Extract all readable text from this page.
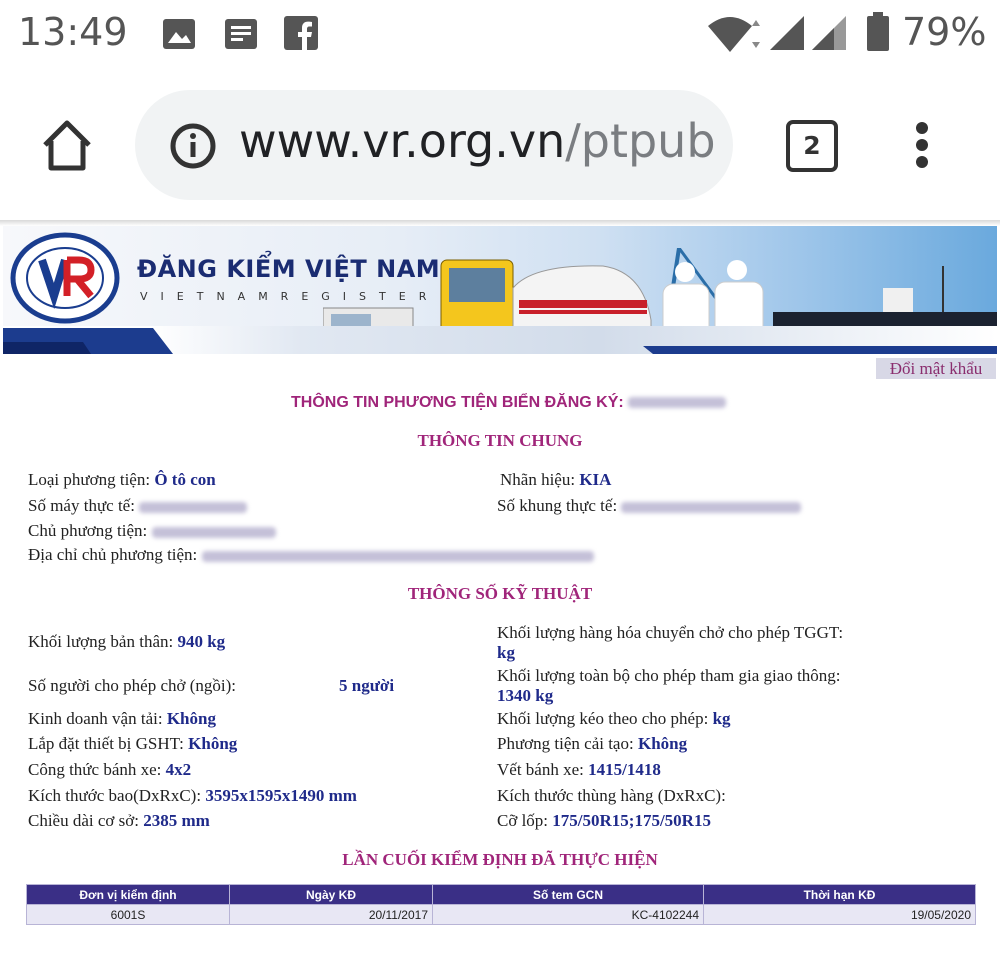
13:49	79%
www.vr.org.vn/ptpub	2
ĐĂNG KIỂM VIỆT NAM
VIETNAMREGISTER
Đổi mật khẩu
THÔNG TIN PHƯƠNG TIỆN BIỂN ĐĂNG KÝ:
THÔNG TIN CHUNG
Loại phương tiện: Ô tô con	Nhãn hiệu: KIA
Số máy thực tế:	Số khung thực tế:
Chủ phương tiện:
Địa chỉ chủ phương tiện:
THÔNG SỐ KỸ THUẬT
Khối lượng bản thân: 940 kg	Khối lượng hàng hóa chuyển chở cho phép TGGT:
kg
Số người cho phép chở (ngồi):	5 người
Khối lượng toàn bộ cho phép tham gia giao thông:
1340 kg
Kinh doanh vận tải: Không	Khối lượng kéo theo cho phép: kg
Lắp đặt thiết bị GSHT: Không	Phương tiện cải tạo: Không
Công thức bánh xe: 4x2	Vết bánh xe: 1415/1418
Kích thước bao(DxRxC): 3595x1595x1490 mm	Kích thước thùng hàng (DxRxC):
Chiều dài cơ sở: 2385 mm	Cỡ lốp: 175/50R15;175/50R15
LẦN CUỐI KIỂM ĐỊNH ĐÃ THỰC HIỆN
Đơn vị kiểm định	Ngày KĐ	Số tem GCN	Thời hạn KĐ
6001S	20/11/2017	KC-4102244	19/05/2020
